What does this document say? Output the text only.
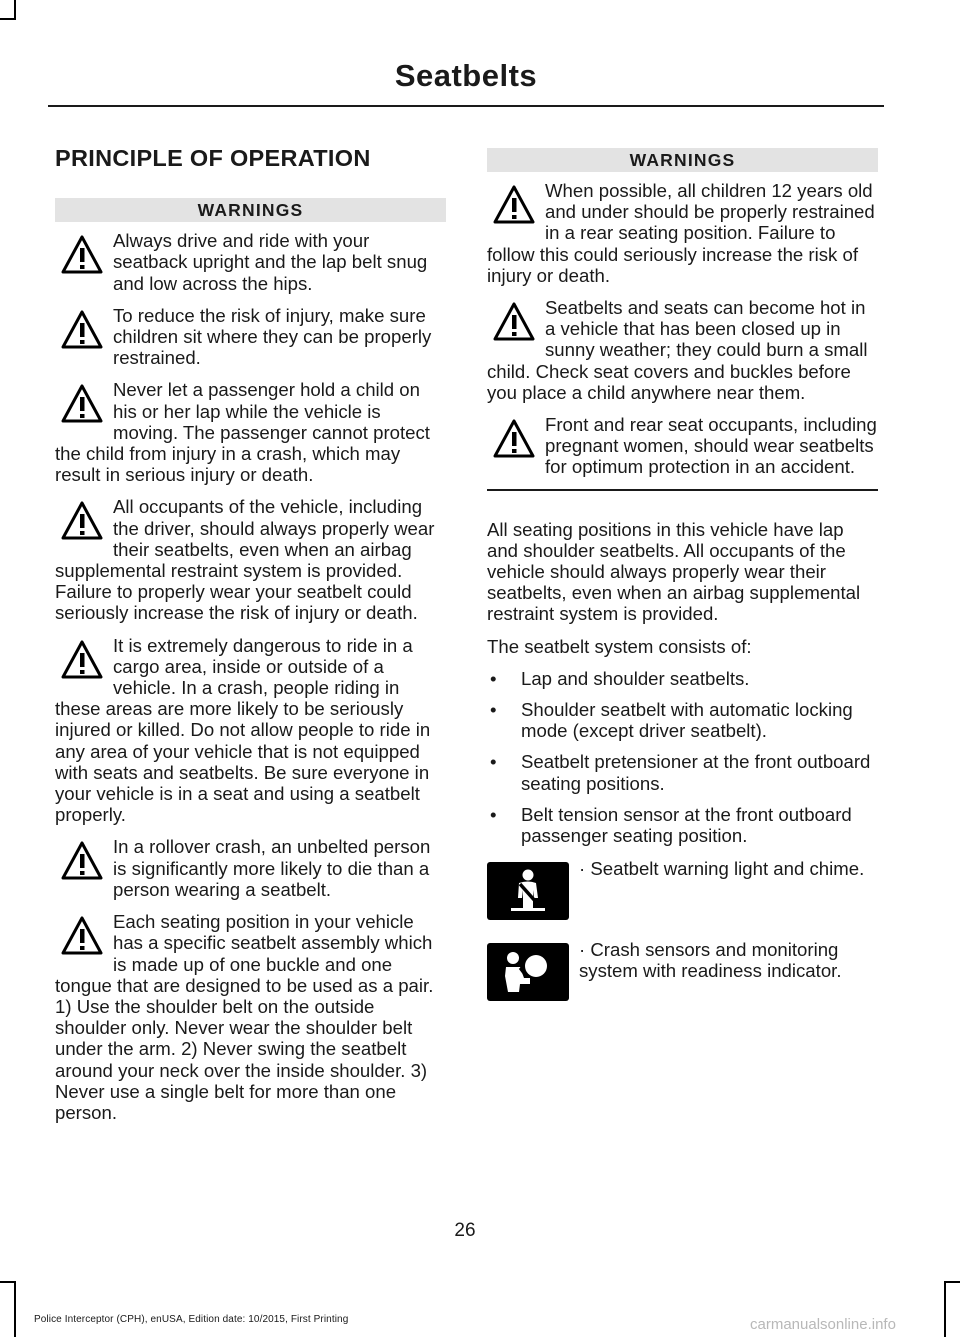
Seatbelts
PRINCIPLE OF OPERATION
WARNINGS

Always drive and ride with your seatback upright and the lap belt snug and low across the hips.

To reduce the risk of injury, make sure children sit where they can be properly restrained.

Never let a passenger hold a child on his or her lap while the vehicle is moving. The passenger cannot protect the child from injury in a crash, which may result in serious injury or death.

All occupants of the vehicle, including the driver, should always properly wear their seatbelts, even when an airbag supplemental restraint system is provided. Failure to properly wear your seatbelt could seriously increase the risk of injury or death.

It is extremely dangerous to ride in a cargo area, inside or outside of a vehicle. In a crash, people riding in these areas are more likely to be seriously injured or killed. Do not allow people to ride in any area of your vehicle that is not equipped with seats and seatbelts. Be sure everyone in your vehicle is in a seat and using a seatbelt properly.

In a rollover crash, an unbelted person is significantly more likely to die than a person wearing a seatbelt.

Each seating position in your vehicle has a specific seatbelt assembly which is made up of one buckle and one tongue that are designed to be used as a pair. 1) Use the shoulder belt on the outside shoulder only. Never wear the shoulder belt under the arm. 2) Never swing the seatbelt around your neck over the inside shoulder. 3) Never use a single belt for more than one person.

WARNINGS

When possible, all children 12 years old and under should be properly restrained in a rear seating position. Failure to follow this could seriously increase the risk of injury or death.

Seatbelts and seats can become hot in a vehicle that has been closed up in sunny weather; they could burn a small child. Check seat covers and buckles before you place a child anywhere near them.

Front and rear seat occupants, including pregnant women, should wear seatbelts for optimum protection in an accident.

All seating positions in this vehicle have lap and shoulder seatbelts. All occupants of the vehicle should always properly wear their seatbelts, even when an airbag supplemental restraint system is provided.

The seatbelt system consists of:

• Lap and shoulder seatbelts.
• Shoulder seatbelt with automatic locking mode (except driver seatbelt).
• Seatbelt pretensioner at the front outboard seating positions.
• Belt tension sensor at the front outboard passenger seating position.

· Seatbelt warning light and chime.

· Crash sensors and monitoring system with readiness indicator.

26
Police Interceptor (CPH), enUSA, Edition date: 10/2015, First Printing	carmanualsonline.info
